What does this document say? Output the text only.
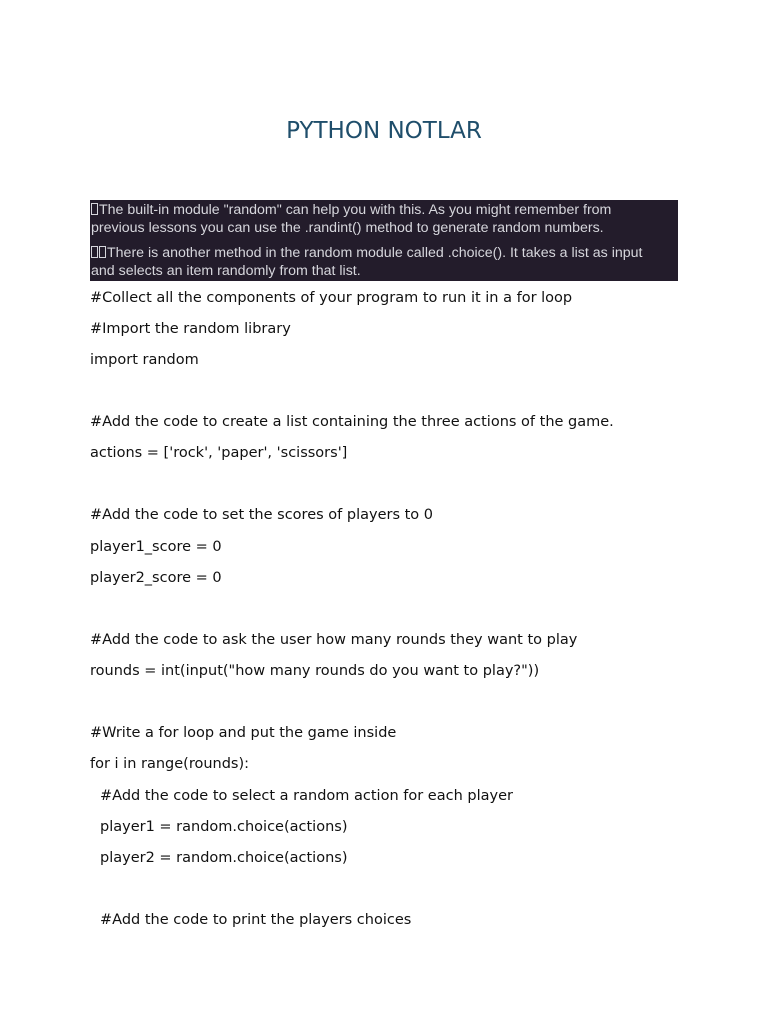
PYTHON NOTLAR
The built-in module "random" can help you with this. As you might remember from
previous lessons you can use the .randint() method to generate random numbers.
There is another method in the random module called .choice(). It takes a list as input
and selects an item randomly from that list.

#Collect all the components of your program to run it in a for loop

#Import the random library

import random

#Add the code to create a list containing the three actions of the game.

actions = ['rock', 'paper', 'scissors']

#Add the code to set the scores of players to 0

player1_score = 0

player2_score = 0

#Add the code to ask the user how many rounds they want to play

rounds = int(input("how many rounds do you want to play?"))

#Write a for loop and put the game inside

for i in range(rounds):

#Add the code to select a random action for each player

player1 = random.choice(actions)

player2 = random.choice(actions)

#Add the code to print the players choices
